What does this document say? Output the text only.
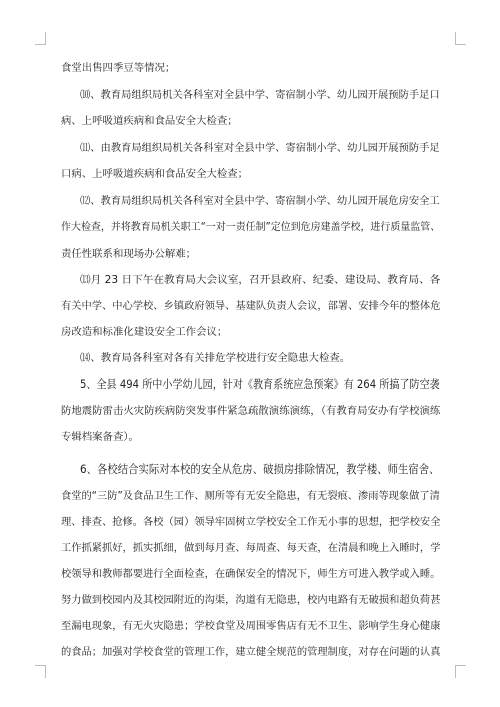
食堂出售四季豆等情况；
⑽、教育局组织局机关各科室对全县中学、寄宿制小学、幼儿园开展预防手足口
病、上呼吸道疾病和食品安全大检查；
⑾、由教育局组织局机关各科室对全县中学、寄宿制小学、幼儿园开展预防手足
口病、上呼吸道疾病和食品安全大检查；
⑿、教育局组织局机关各科室对全县中学、寄宿制小学、幼儿园开展危房安全工
作大检查，并将教育局机关职工“一对一责任制”定位到危房建盖学校，进行质量监管、
责任性联系和现场办公解难；
⒀月 23 日下午在教育局大会议室，召开县政府、纪委、建设局、教育局、各
有关中学、中心学校、乡镇政府领导、基建队负责人会议，部署、安排今年的整体危
房改造和标准化建设安全工作会议；
⒁、教育局各科室对各有关排危学校进行安全隐患大检查。
5、全县 494 所中小学幼儿园，针对《教育系统应急预案》有 264 所搞了防空袭
防地震防雷击火灾防疾病防突发事件紧急疏散演练演练，（有教育局安办有学校演练
专辑档案备查）。
6、各校结合实际对本校的安全从危房、破损房排除情况，教学楼、师生宿舍、
食堂的“三防”及食品卫生工作、厕所等有无安全隐患，有无裂痕、渗雨等现象做了清
理、排查、抢修。各校（园）领导牢固树立学校安全工作无小事的思想，把学校安全
工作抓紧抓好，抓实抓细，做到每月查、每周查、每天查，在清晨和晚上入睡时，学
校领导和教师都要进行全面检查，在确保安全的情况下，师生方可进入教学或入睡。
努力做到校园内及其校园附近的沟渠，沟道有无隐患，校内电路有无破损和超负荷甚
至漏电现象，有无火灾隐患；学校食堂及周围零售店有无不卫生、影响学生身心健康
的食品；加强对学校食堂的管理工作，建立健全规范的管理制度，对存在问题的认真
